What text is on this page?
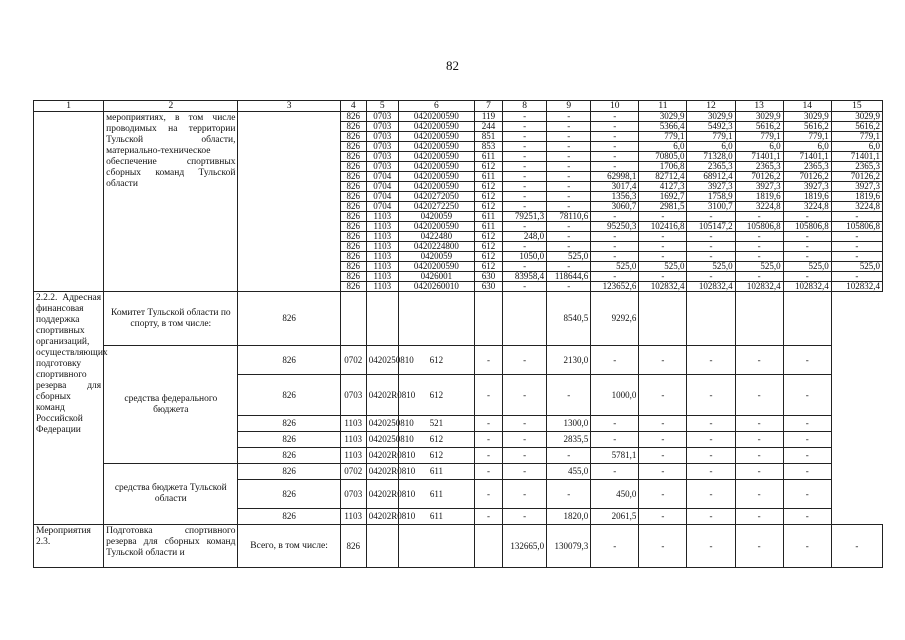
82
1	2	3	4	5	6	7	8	9	10	11	12	13	14	15
	мероприятиях, в том числе проводимых на территории Тульской области, материально-техническое обеспечение спортивных сборных команд Тульской области		826	0703	0420200590	119	-	-	-	3029,9	3029,9	3029,9	3029,9	3029,9
			826	0703	0420200590	244	-	-	-	5366,4	5492,3	5616,2	5616,2	5616,2
			826	0703	0420200590	851	-	-	-	779,1	779,1	779,1	779,1	779,1
			826	0703	0420200590	853	-	-	-	6,0	6,0	6,0	6,0	6,0
			826	0703	0420200590	611	-	-	-	70805,0	71328,0	71401,1	71401,1	71401,1
			826	0703	0420200590	612	-	-	-	1706,8	2365,3	2365,3	2365,3	2365,3
			826	0704	0420200590	611	-	-	62998,1	82712,4	68912,4	70126,2	70126,2	70126,2
			826	0704	0420200590	612	-	-	3017,4	4127,3	3927,3	3927,3	3927,3	3927,3
			826	0704	0420272050	612	-	-	1356,3	1692,7	1758,9	1819,6	1819,6	1819,6
			826	0704	0420272250	612	-	-	3060,7	2981,5	3100,7	3224,8	3224,8	3224,8
			826	1103	0420059	611	79251,3	78110,6	-	-	-	-	-	-
			826	1103	0420200590	611	-	-	95250,3	102416,8	105147,2	105806,8	105806,8	105806,8
			826	1103	0422480	612	248,0	-	-	-	-	-	-	-
			826	1103	0420224800	612	-	-	-	-	-	-	-	-
			826	1103	0420059	612	1050,0	525,0	-	-	-	-	-	-
			826	1103	0420200590	612	-	-	525,0	525,0	525,0	525,0	525,0	525,0
			826	1103	0426001	630	83958,4	118644,6	-	-	-	-	-	-
			826	1103	0420260010	630	-	-	123652,6	102832,4	102832,4	102832,4	102832,4	102832,4
2.2.2. Адресная финансовая поддержка спортивных организаций, осуществляющих подготовку спортивного резерва для сборных команд Российской Федерации	Комитет Тульской области по спорту, в том числе:	826						8540,5	9292,6					
	средства федерального бюджета	826	0702	0420250810	612	-	-	2130,0	-	-	-	-	-	
		826	0703	04202R0810	612	-	-	-	1000,0	-	-	-	-	
		826	1103	0420250810	521	-	-	1300,0	-	-	-	-	-	
		826	1103	0420250810	612	-	-	2835,5	-	-	-	-	-	
		826	1103	04202R0810	612	-	-	-	5781,1	-	-	-	-	
	средства бюджета Тульской области	826	0702	04202R0810	611	-	-	455,0	-	-	-	-	-	
		826	0703	04202R0810	611	-	-	-	450,0	-	-	-	-	
		826	1103	04202R0810	611	-	-	1820,0	2061,5	-	-	-	-	
Мероприятия 2.3.	Подготовка спортивного резерва для сборных команд Тульской области и	Всего, в том числе:	826				132665,0	130079,3	-	-	-	-	-	-
